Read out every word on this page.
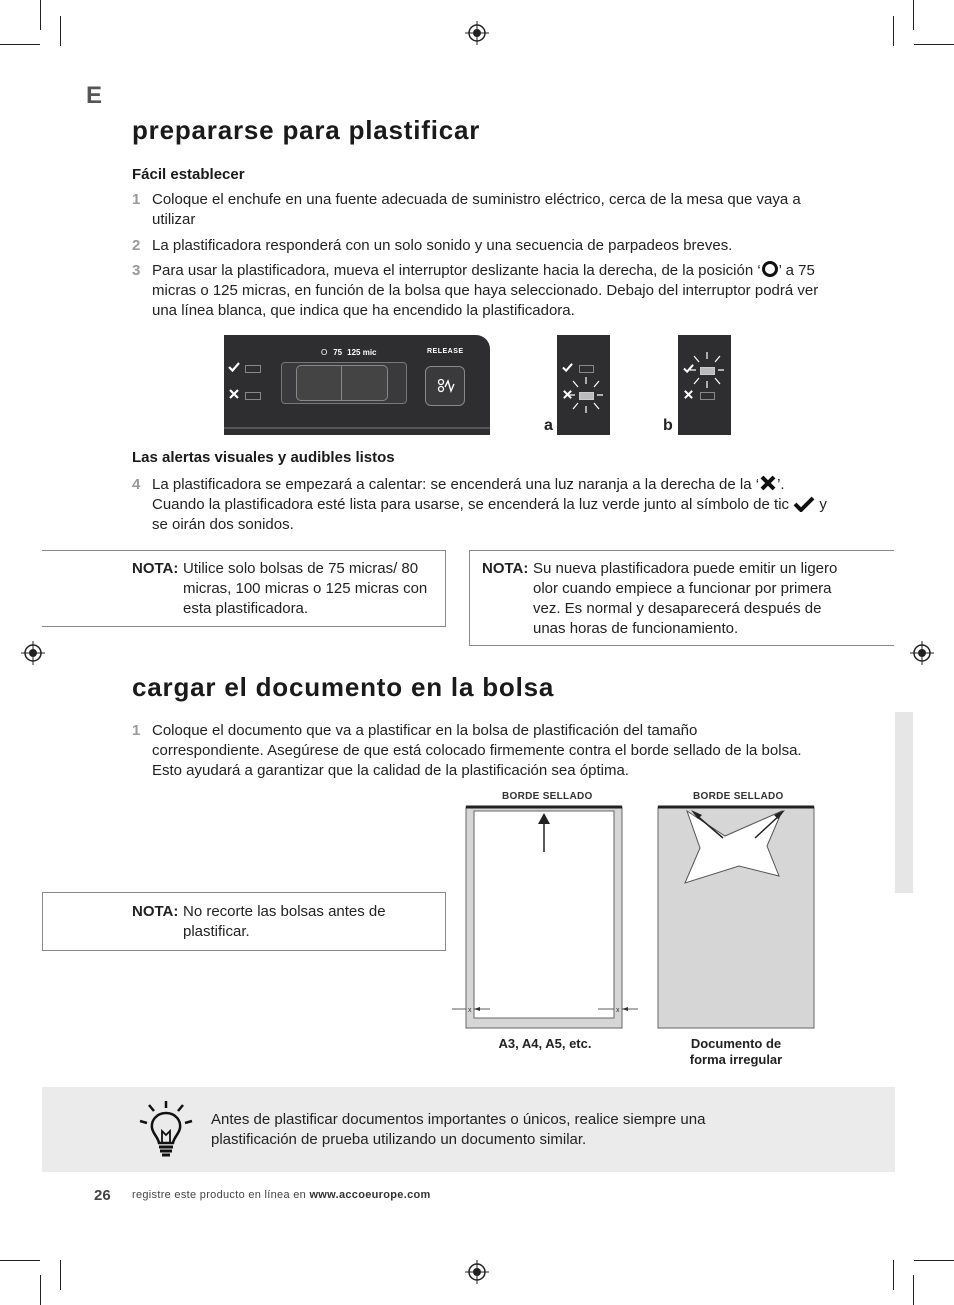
E
prepararse para plastificar
Fácil establecer
1 Coloque el enchufe en una fuente adecuada de suministro eléctrico, cerca de la mesa que vaya a utilizar
2 La plastificadora responderá con un solo sonido y una secuencia de parpadeos breves.
3 Para usar la plastificadora, mueva el interruptor deslizante hacia la derecha, de la posición ‘ ’ a 75 micras o 125 micras, en función de la bolsa que haya seleccionado. Debajo del interruptor podrá ver una línea blanca, que indica que ha encendido la plastificadora.
O 75 125 mic	RELEASE
a	b
Las alertas visuales y audibles listos
4 La plastificadora se empezará a calentar: se encenderá una luz naranja a la derecha de la ‘ ’. Cuando la plastificadora esté lista para usarse, se encenderá la luz verde junto al símbolo de tic y se oirán dos sonidos.
NOTA: Utilice solo bolsas de 75 micras/ 80 micras, 100 micras o 125 micras con esta plastificadora.
NOTA: Su nueva plastificadora puede emitir un ligero olor cuando empiece a funcionar por primera vez. Es normal y desaparecerá después de unas horas de funcionamiento.
cargar el documento en la bolsa
1 Coloque el documento que va a plastificar en la bolsa de plastificación del tamaño correspondiente. Asegúrese de que está colocado firmemente contra el borde sellado de la bolsa. Esto ayudará a garantizar que la calidad de la plastificación sea óptima.
NOTA: No recorte las bolsas antes de plastificar.
BORDE SELLADO
x	x
A3, A4, A5, etc.
BORDE SELLADO
Documento de
forma irregular
Antes de plastificar documentos importantes o únicos, realice siempre una plastificación de prueba utilizando un documento similar.
26 registre este producto en línea en www.accoeurope.com
